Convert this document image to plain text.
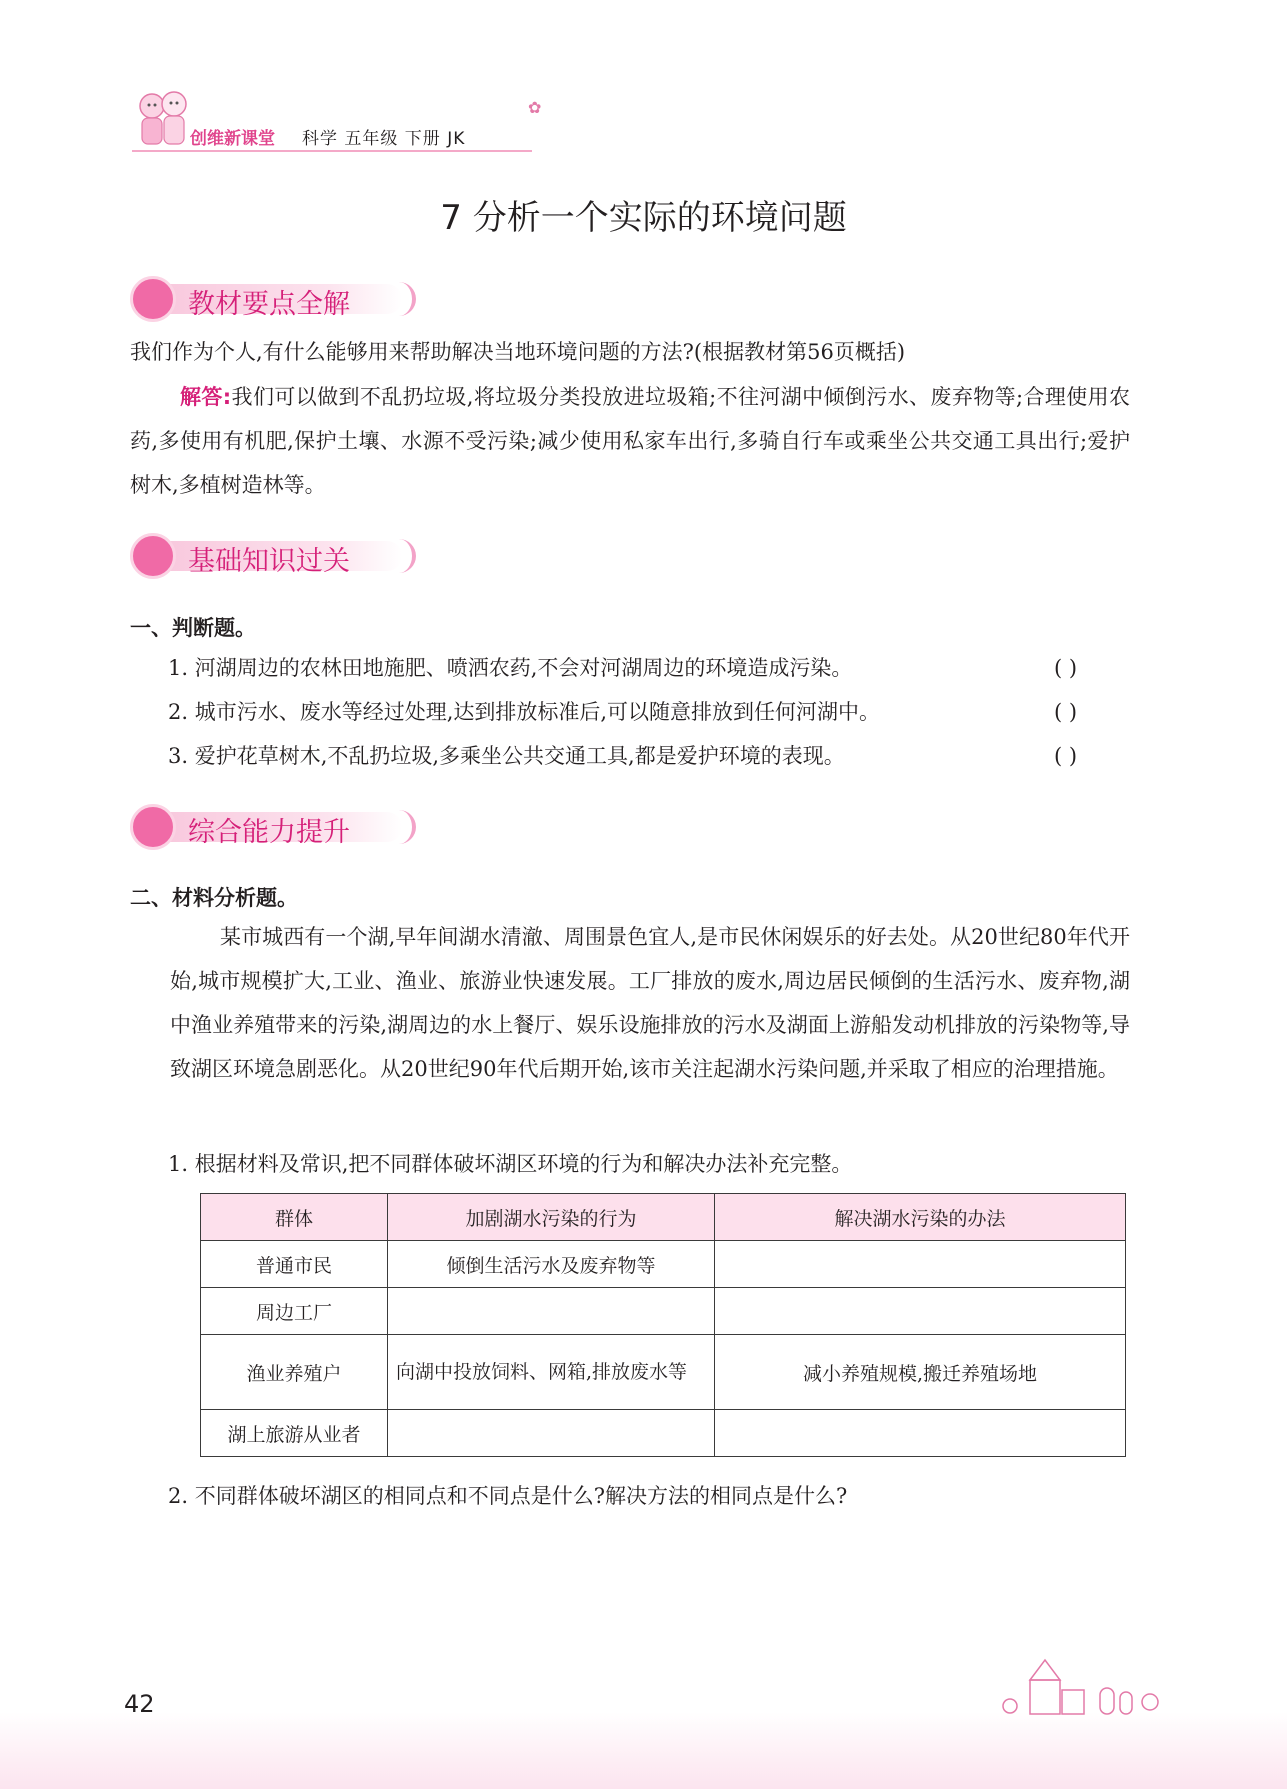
创维新课堂 科学 五年级 下册 JK
✿
7 分析一个实际的环境问题
教材要点全解
我们作为个人,有什么能够用来帮助解决当地环境问题的方法?(根据教材第56页概括)
解答:我们可以做到不乱扔垃圾,将垃圾分类投放进垃圾箱;不往河湖中倾倒污水、废弃物等;合理使用农药,多使用有机肥,保护土壤、水源不受污染;减少使用私家车出行,多骑自行车或乘坐公共交通工具出行;爱护树木,多植树造林等。
基础知识过关
一、判断题。
1. 河湖周边的农林田地施肥、喷洒农药,不会对河湖周边的环境造成污染。	( )
2. 城市污水、废水等经过处理,达到排放标准后,可以随意排放到任何河湖中。	( )
3. 爱护花草树木,不乱扔垃圾,多乘坐公共交通工具,都是爱护环境的表现。	( )
综合能力提升
二、材料分析题。
某市城西有一个湖,早年间湖水清澈、周围景色宜人,是市民休闲娱乐的好去处。从20世纪80年代开始,城市规模扩大,工业、渔业、旅游业快速发展。工厂排放的废水,周边居民倾倒的生活污水、废弃物,湖中渔业养殖带来的污染,湖周边的水上餐厅、娱乐设施排放的污水及湖面上游船发动机排放的污染物等,导致湖区环境急剧恶化。从20世纪90年代后期开始,该市关注起湖水污染问题,并采取了相应的治理措施。
1. 根据材料及常识,把不同群体破坏湖区环境的行为和解决办法补充完整。
群体	加剧湖水污染的行为	解决湖水污染的办法
普通市民	倾倒生活污水及废弃物等	
周边工厂		
渔业养殖户	向湖中投放饲料、网箱,排放废水等	减小养殖规模,搬迁养殖场地
湖上旅游从业者		
2. 不同群体破坏湖区的相同点和不同点是什么?解决方法的相同点是什么?
42
